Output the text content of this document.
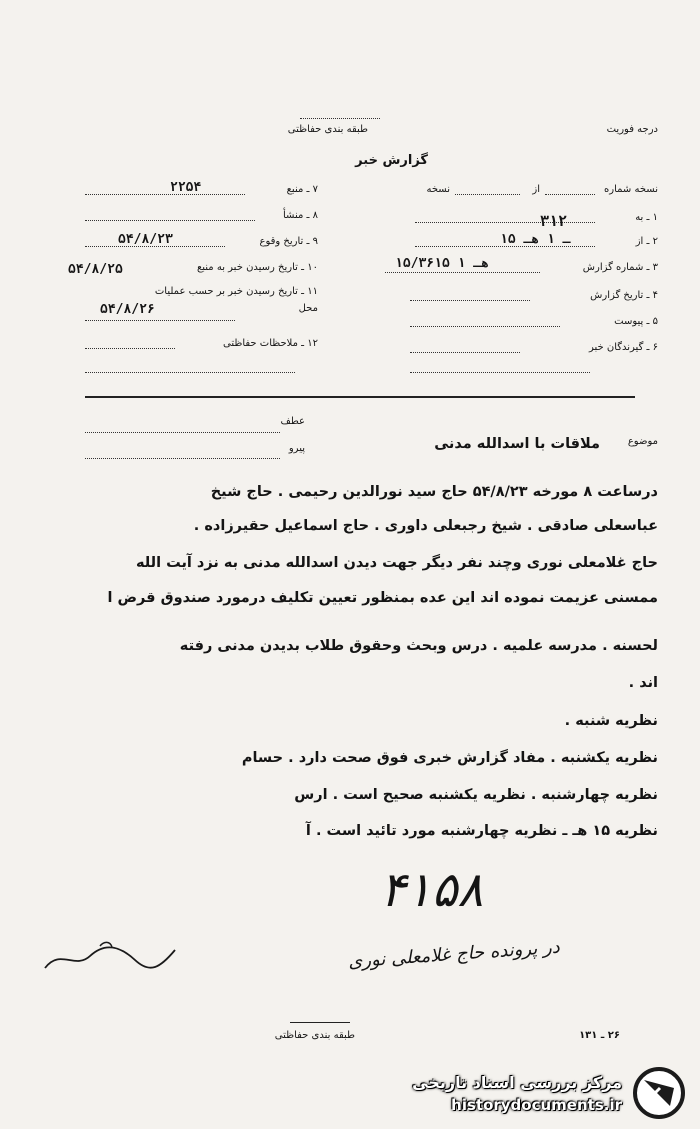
درجه فوریت
طبقه بندی حفاظتی
گزارش خبر
نسخه شماره
از
نسخه
۱ ـ به
۳۱۲
۲ ـ از
۱۵ ـ ۱ هـ
۳ ـ شماره گزارش
۱۵/۳۶۱۵ هـ ۱
۴ ـ تاریخ گزارش
۵ ـ پیوست
۶ ـ گیرندگان خبر
۷ ـ منبع
۲۲۵۴
۸ ـ منشأ
۹ ـ تاریخ وقوع
۵۴/۸/۲۳
۱۰ ـ تاریخ رسیدن خبر به منبع
۵۴/۸/۲۵
۱۱ ـ تاریخ رسیدن خبر بر حسب عملیات
محل
۵۴/۸/۲۶
۱۲ ـ ملاحظات حفاظتی
عطف
پیرو
موضوع
ملاقات با اسدالله مدنی
درساعت ۸ مورخه ۵۴/۸/۲۳ حاج سید نورالدین رحیمی . حاج شیخ
عباسعلی صادقی . شیخ رجبعلی داوری . حاج اسماعیل حقیرزاده .
حاج غلامعلی نوری وچند نفر دیگر جهت دیدن اسدالله مدنی به نزد آیت الله
ممسنی عزیمت نموده اند این عده بمنظور تعیین تکلیف درمورد صندوق قرض ا
لحسنه . مدرسه علمیه . درس وبحث وحقوق طلاب بدیدن مدنی رفته
اند .
نظریه شنبه .
نظریه یکشنبه . مفاد گزارش خبری فوق صحت دارد . حسام
نظریه چهارشنبه . نظریه یکشنبه صحیح است . ارس
نظریه ۱۵ هـ ـ نظریه چهارشنبه مورد تائید است . آ
۴۱۵۸
در پرونده حاج غلامعلی نوری
طبقه بندی حفاظتی	۲۶ ـ ۱۳۱
مرکز بررسی اسناد تاریخی
historydocuments.ir
